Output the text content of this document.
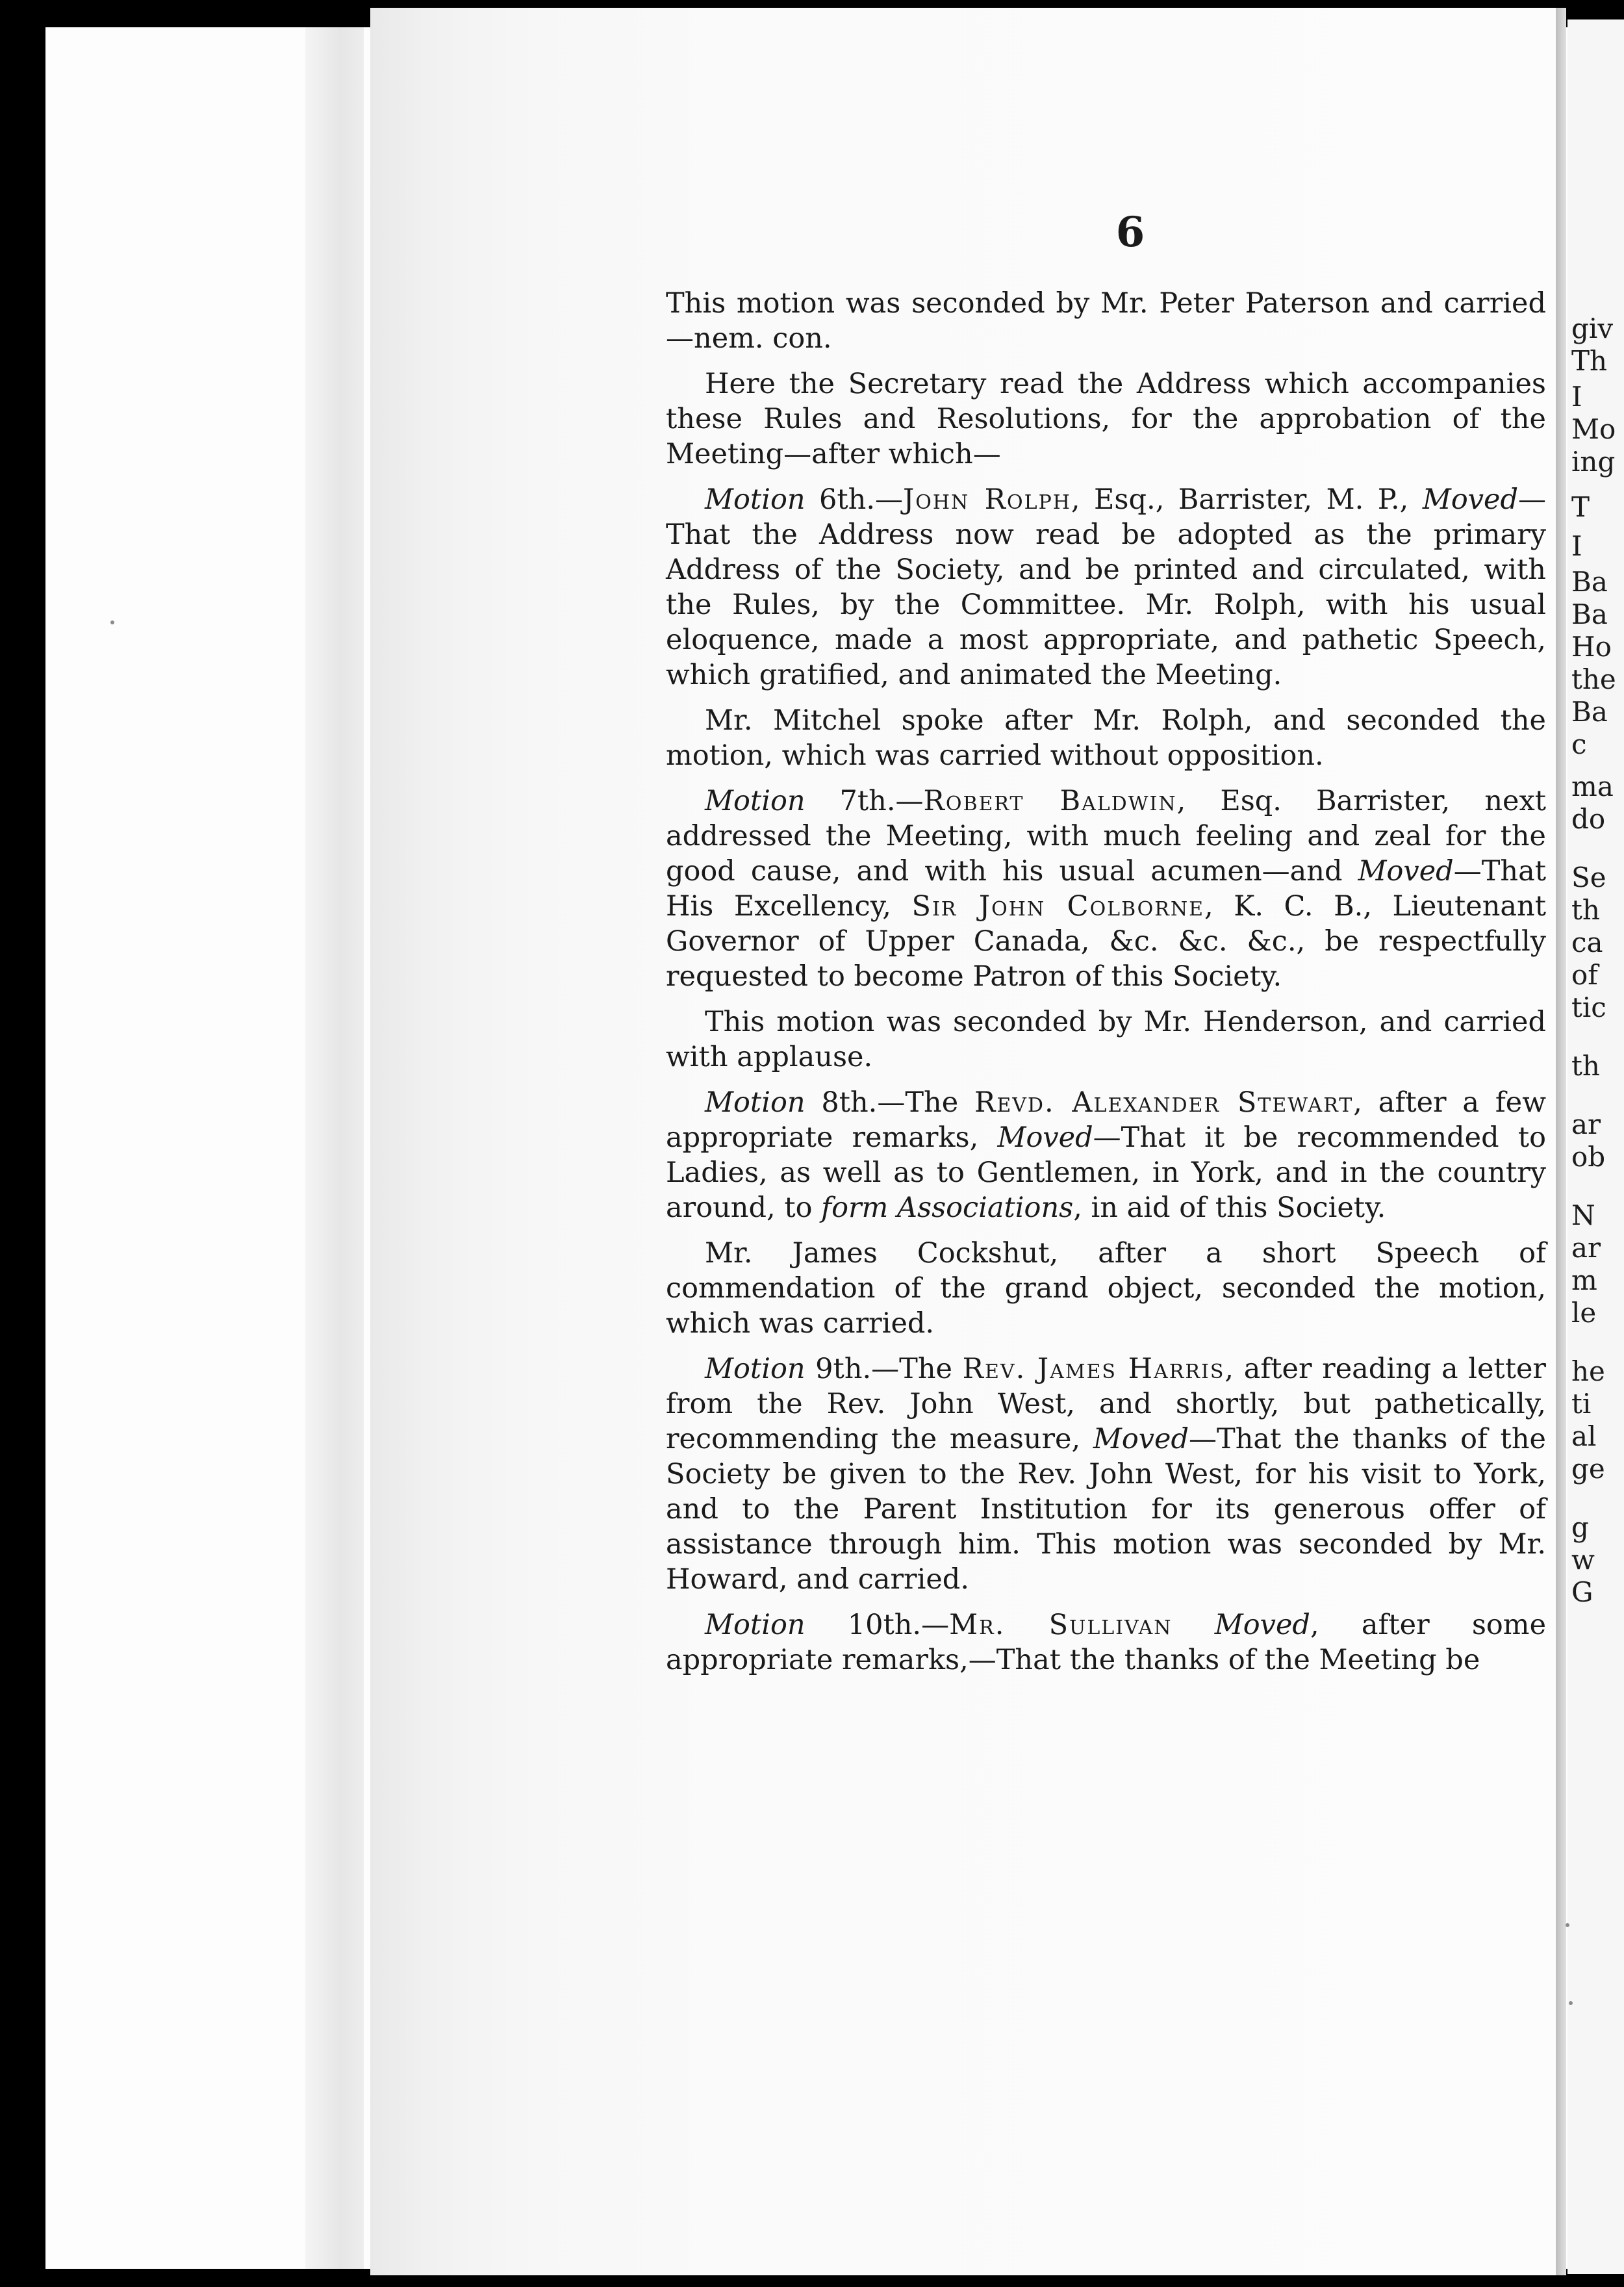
giv
Th
I
Mo
ing
T
I
Ba
Ba
Ho
the
Ba
c
ma
do
Se
th
ca
of
tic
th
ar
ob
N
ar
m
le
he
ti
al
ge
g
w
G
6

This motion was seconded by Mr. Peter Paterson and carried—nem. con.

Here the Secretary read the Address which accompanies these Rules and Resolutions, for the approbation of the Meeting—after which—

Motion 6th.—John Rolph, Esq., Barrister, M. P., Moved—That the Address now read be adopted as the primary Address of the Society, and be printed and circulated, with the Rules, by the Committee. Mr. Rolph, with his usual eloquence, made a most appropriate, and pathetic Speech, which gratified, and animated the Meeting.

Mr. Mitchel spoke after Mr. Rolph, and seconded the motion, which was carried without opposition.

Motion 7th.—Robert Baldwin, Esq. Barrister, next addressed the Meeting, with much feeling and zeal for the good cause, and with his usual acumen—and Moved—That His Excellency, Sir John Colborne, K. C. B., Lieutenant Governor of Upper Canada, &c. &c. &c., be respectfully requested to become Patron of this Society.

This motion was seconded by Mr. Henderson, and carried with applause.

Motion 8th.—The Revd. Alexander Stewart, after a few appropriate remarks, Moved—That it be recommended to Ladies, as well as to Gentlemen, in York, and in the country around, to form Associations, in aid of this Society.

Mr. James Cockshut, after a short Speech of commendation of the grand object, seconded the motion, which was carried.

Motion 9th.—The Rev. James Harris, after reading a letter from the Rev. John West, and shortly, but pathetically, recommending the measure, Moved—That the thanks of the Society be given to the Rev. John West, for his visit to York, and to the Parent Institution for its generous offer of assistance through him. This motion was seconded by Mr. Howard, and carried.

Motion 10th.—Mr. Sullivan Moved, after some appropriate remarks,—That the thanks of the Meeting be
